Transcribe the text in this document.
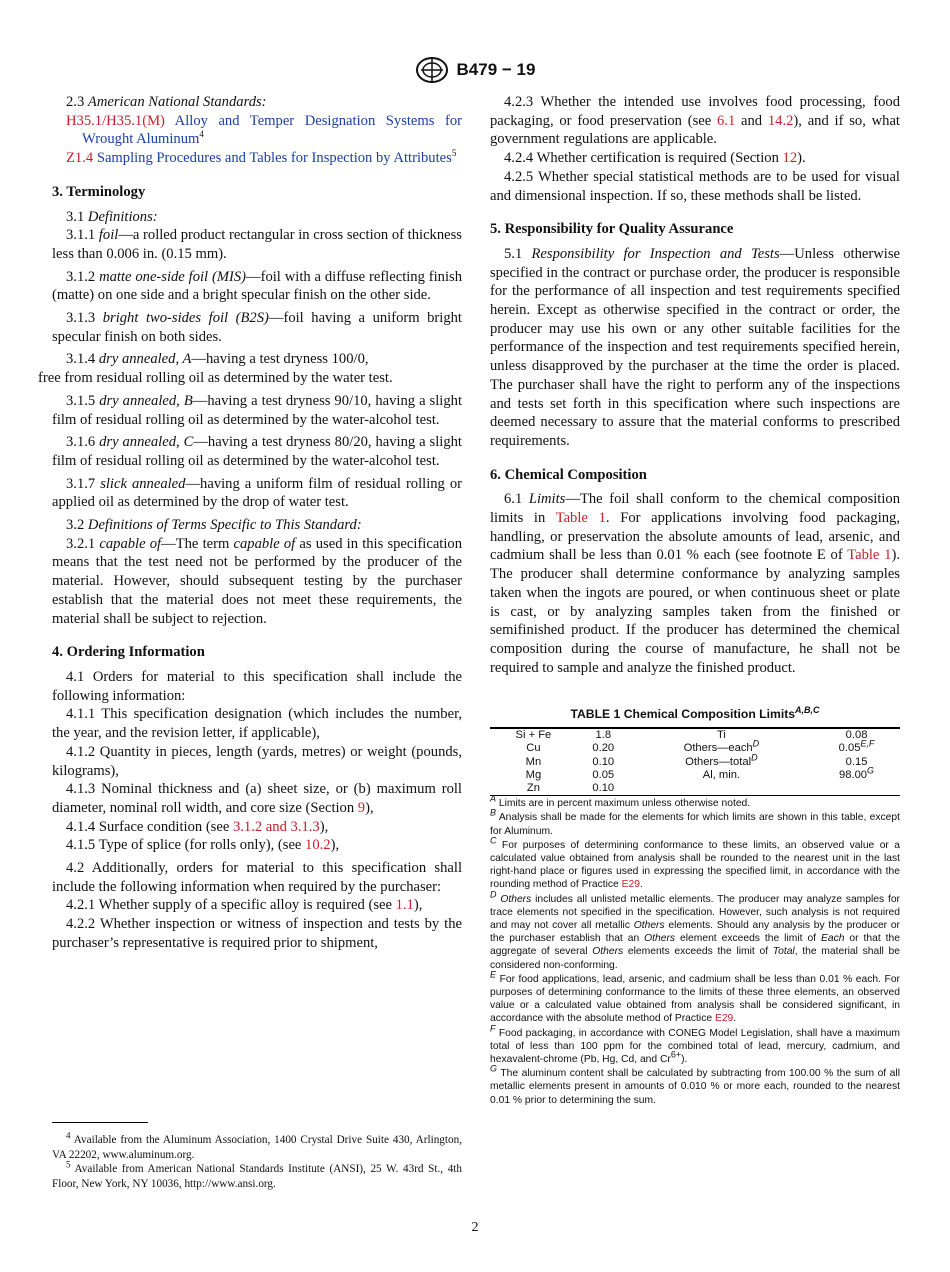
B479 − 19

2.3 American National Standards:

H35.1/H35.1(M) Alloy and Temper Designation Systems for Wrought Aluminum$^4$

Z1.4 Sampling Procedures and Tables for Inspection by Attributes$^5$

3. Terminology

3.1 Definitions:

3.1.1 foil—a rolled product rectangular in cross section of thickness less than 0.006 in. (0.15 mm).

3.1.2 matte one-side foil (MIS)—foil with a diffuse reflecting finish (matte) on one side and a bright specular finish on the other side.

3.1.3 bright two-sides foil (B2S)—foil having a uniform bright specular finish on both sides.

3.1.4 dry annealed, A—having a test dryness 100/0,
free from residual rolling oil as determined by the water test.

3.1.5 dry annealed, B—having a test dryness 90/10, having a slight film of residual rolling oil as determined by the water-alcohol test.

3.1.6 dry annealed, C—having a test dryness 80/20, having a slight film of residual rolling oil as determined by the water-alcohol test.

3.1.7 slick annealed—having a uniform film of residual rolling or applied oil as determined by the drop of water test.

3.2 Definitions of Terms Specific to This Standard:

3.2.1 capable of—The term capable of as used in this specification means that the test need not be performed by the producer of the material. However, should subsequent testing by the purchaser establish that the material does not meet these requirements, the material shall be subject to rejection.

4. Ordering Information

4.1 Orders for material to this specification shall include the following information:

4.1.1 This specification designation (which includes the number, the year, and the revision letter, if applicable),

4.1.2 Quantity in pieces, length (yards, metres) or weight (pounds, kilograms),

4.1.3 Nominal thickness and (a) sheet size, or (b) maximum roll diameter, nominal roll width, and core size (Section 9),

4.1.4 Surface condition (see 3.1.2 and 3.1.3),

4.1.5 Type of splice (for rolls only), (see 10.2),

4.2 Additionally, orders for material to this specification shall include the following information when required by the purchaser:

4.2.1 Whether supply of a specific alloy is required (see 1.1),

4.2.2 Whether inspection or witness of inspection and tests by the purchaser’s representative is required prior to shipment,

$^4$ Available from the Aluminum Association, 1400 Crystal Drive Suite 430, Arlington, VA 22202, www.aluminum.org.

$^5$ Available from American National Standards Institute (ANSI), 25 W. 43rd St., 4th Floor, New York, NY 10036, http://www.ansi.org.

4.2.3 Whether the intended use involves food processing, food packaging, or food preservation (see 6.1 and 14.2), and if so, what government regulations are applicable.

4.2.4 Whether certification is required (Section 12).

4.2.5 Whether special statistical methods are to be used for visual and dimensional inspection. If so, these methods shall be listed.

5. Responsibility for Quality Assurance

5.1 Responsibility for Inspection and Tests—Unless otherwise specified in the contract or purchase order, the producer is responsible for the performance of all inspection and test requirements specified herein. Except as otherwise specified in the contract or order, the producer may use his own or any other suitable facilities for the performance of the inspection and test requirements specified herein, unless disapproved by the purchaser at the time the order is placed. The purchaser shall have the right to perform any of the inspections and tests set forth in this specification where such inspections are deemed necessary to assure that the material conforms to prescribed requirements.

6. Chemical Composition

6.1 Limits—The foil shall conform to the chemical composition limits in Table 1. For applications involving food packaging, handling, or preservation the absolute amounts of lead, arsenic, and cadmium shall be less than 0.01 % each (see footnote E of Table 1). The producer shall determine conformance by analyzing samples taken when the ingots are poured, or when continuous sheet or plate is cast, or by analyzing samples taken from the finished or semifinished product. If the producer has determined the chemical composition during the course of manufacture, he shall not be required to sample and analyze the finished product.

TABLE 1 Chemical Composition Limits$^{A,B,C}$
Si + Fe	1.8	Ti	0.08
Cu	0.20	Others—each$^D$	$0.05^{E,F}$
Mn	0.10	Others—total$^D$	0.15
Mg	0.05	Al, min.	$98.00^G$
Zn	0.10		

$^A$ Limits are in percent maximum unless otherwise noted.

$^B$ Analysis shall be made for the elements for which limits are shown in this table, except for Aluminum.

$^C$ For purposes of determining conformance to these limits, an observed value or a calculated value obtained from analysis shall be rounded to the nearest unit in the last right-hand place or figures used in expressing the specified limit, in accordance with the rounding method of Practice E29.

$^D$ Others includes all unlisted metallic elements. The producer may analyze samples for trace elements not specified in the specification. However, such analysis is not required and may not cover all metallic Others elements. Should any analysis by the producer or the purchaser establish that an Others element exceeds the limit of Each or that the aggregate of several Others elements exceeds the limit of Total, the material shall be considered non-conforming.

$^E$ For food applications, lead, arsenic, and cadmium shall be less than 0.01 % each. For purposes of determining conformance to the limits of these three elements, an observed value or a calculated value obtained from analysis shall be considered significant, in accordance with the absolute method of Practice E29.

$^F$ Food packaging, in accordance with CONEG Model Legislation, shall have a maximum total of less than 100 ppm for the combined total of lead, mercury, cadmium, and hexavalent-chrome (Pb, Hg, Cd, and $Cr^{6+}$).

$^G$ The aluminum content shall be calculated by subtracting from 100.00 % the sum of all metallic elements present in amounts of 0.010 % or more each, rounded to the nearest 0.01 % prior to determining the sum.

2
